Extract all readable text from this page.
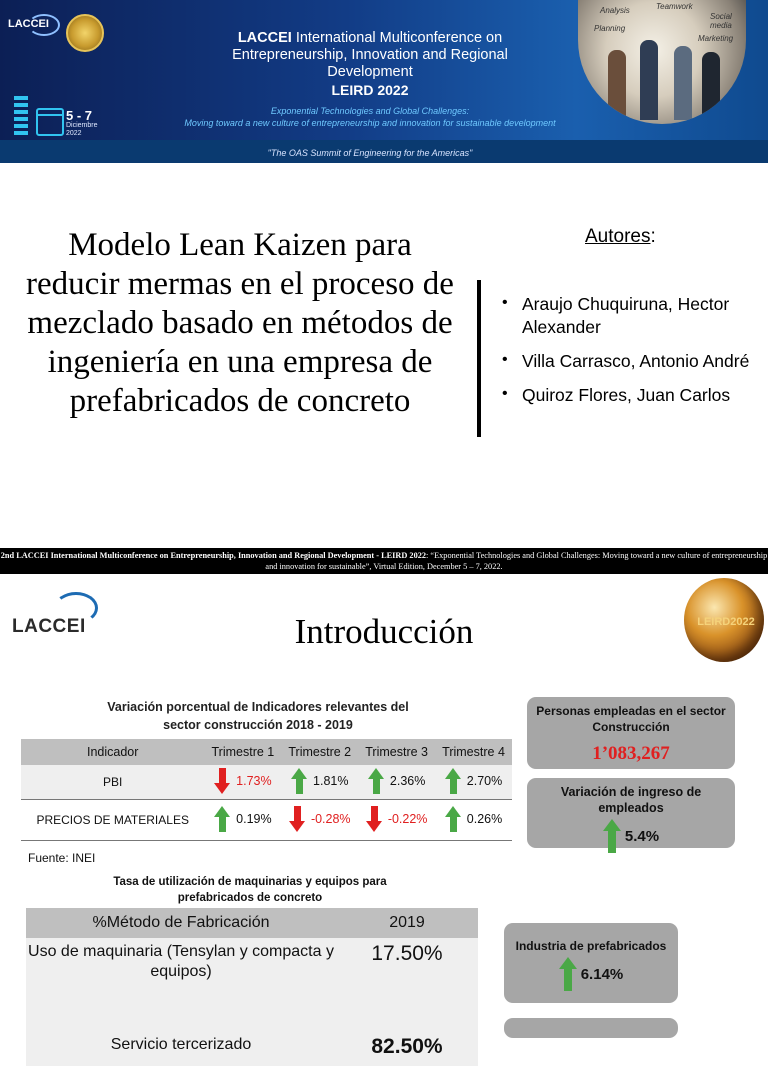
LACCEI
5 - 7
Diciembre
2022
LACCEI International Multiconference on Entrepreneurship, Innovation and Regional Development
LEIRD 2022
Exponential Technologies and Global Challenges:
Moving toward a new culture of entrepreneurship and innovation for sustainable development
"The OAS Summit of Engineering for the Americas"
Analysis	Teamwork
Planning
Marketing
Social media
Modelo Lean Kaizen para reducir mermas en el proceso de mezclado basado en métodos de ingeniería en una empresa de prefabricados de concreto
Autores:
• Araujo Chuquiruna, Hector Alexander
• Villa Carrasco, Antonio André
• Quiroz Flores, Juan Carlos
2nd LACCEI International Multiconference on Entrepreneurship, Innovation and Regional Development - LEIRD 2022: “Exponential Technologies and Global Challenges: Moving toward a new culture of entrepreneurship and innovation for sustainable”, Virtual Edition, December 5 – 7, 2022.
LACCEI	LEIRD2022
Introducción
Variación porcentual de Indicadores relevantes del sector construcción 2018 - 2019
Indicador	Trimestre 1	Trimestre 2	Trimestre 3	Trimestre 4
PBI	1.73%	1.81%	2.36%	2.70%

PRECIOS DE MATERIALES	0.19%	-0.28%	-0.22%	0.26%
Fuente: INEI
Tasa de utilización de maquinarias y equipos para prefabricados de concreto
%Método de Fabricación	2019
Uso de maquinaria (Tensylan y compacta y equipos)	17.50%
Servicio tercerizado	82.50%
Personas empleadas en el sector Construcción
1’083,267
Variación de ingreso de empleados
5.4%
Industria de prefabricados
6.14%
